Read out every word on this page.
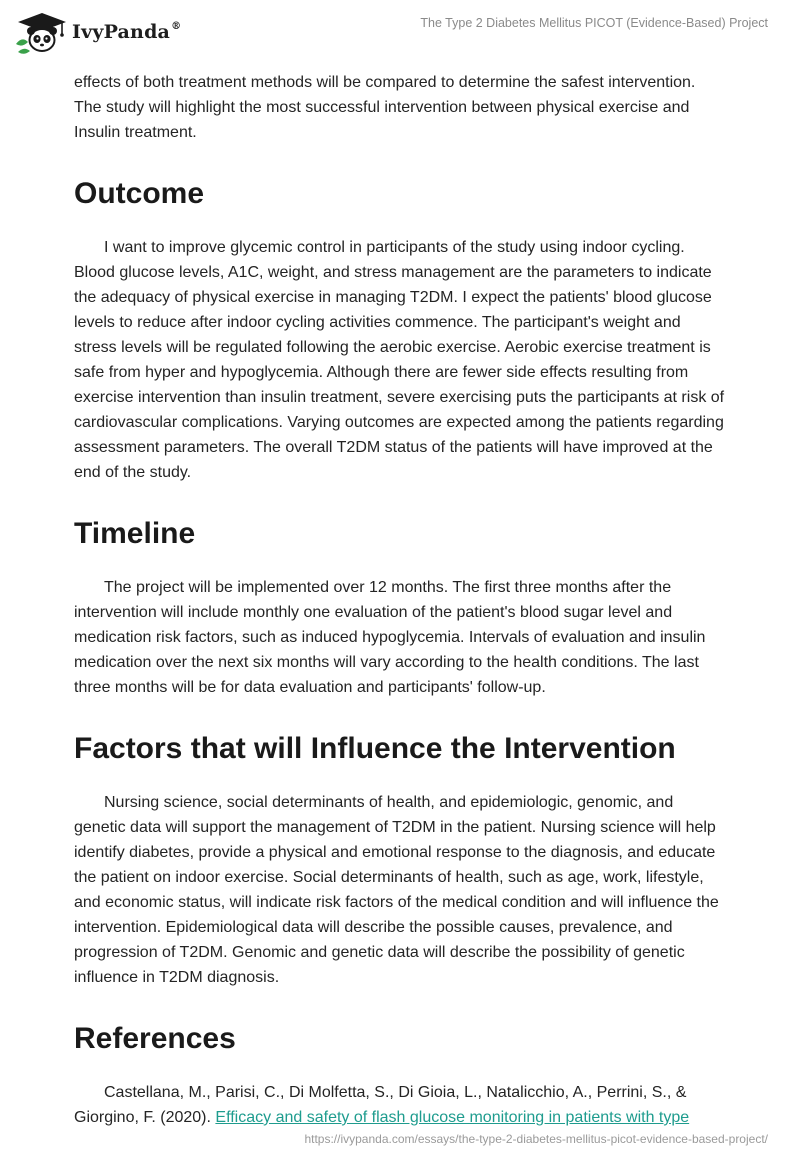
IvyPanda®	The Type 2 Diabetes Mellitus PICOT (Evidence-Based) Project

effects of both treatment methods will be compared to determine the safest intervention. The study will highlight the most successful intervention between physical exercise and Insulin treatment.

Outcome

I want to improve glycemic control in participants of the study using indoor cycling. Blood glucose levels, A1C, weight, and stress management are the parameters to indicate the adequacy of physical exercise in managing T2DM. I expect the patients' blood glucose levels to reduce after indoor cycling activities commence. The participant's weight and stress levels will be regulated following the aerobic exercise. Aerobic exercise treatment is safe from hyper and hypoglycemia. Although there are fewer side effects resulting from exercise intervention than insulin treatment, severe exercising puts the participants at risk of cardiovascular complications. Varying outcomes are expected among the patients regarding assessment parameters. The overall T2DM status of the patients will have improved at the end of the study.

Timeline

The project will be implemented over 12 months. The first three months after the intervention will include monthly one evaluation of the patient's blood sugar level and medication risk factors, such as induced hypoglycemia. Intervals of evaluation and insulin medication over the next six months will vary according to the health conditions. The last three months will be for data evaluation and participants' follow-up.

Factors that will Influence the Intervention

Nursing science, social determinants of health, and epidemiologic, genomic, and genetic data will support the management of T2DM in the patient. Nursing science will help identify diabetes, provide a physical and emotional response to the diagnosis, and educate the patient on indoor exercise. Social determinants of health, such as age, work, lifestyle, and economic status, will indicate risk factors of the medical condition and will influence the intervention. Epidemiological data will describe the possible causes, prevalence, and progression of T2DM. Genomic and genetic data will describe the possibility of genetic influence in T2DM diagnosis.

References

Castellana, M., Parisi, C., Di Molfetta, S., Di Gioia, L., Natalicchio, A., Perrini, S., & Giorgino, F. (2020). Efficacy and safety of flash glucose monitoring in patients with type

https://ivypanda.com/essays/the-type-2-diabetes-mellitus-picot-evidence-based-project/
